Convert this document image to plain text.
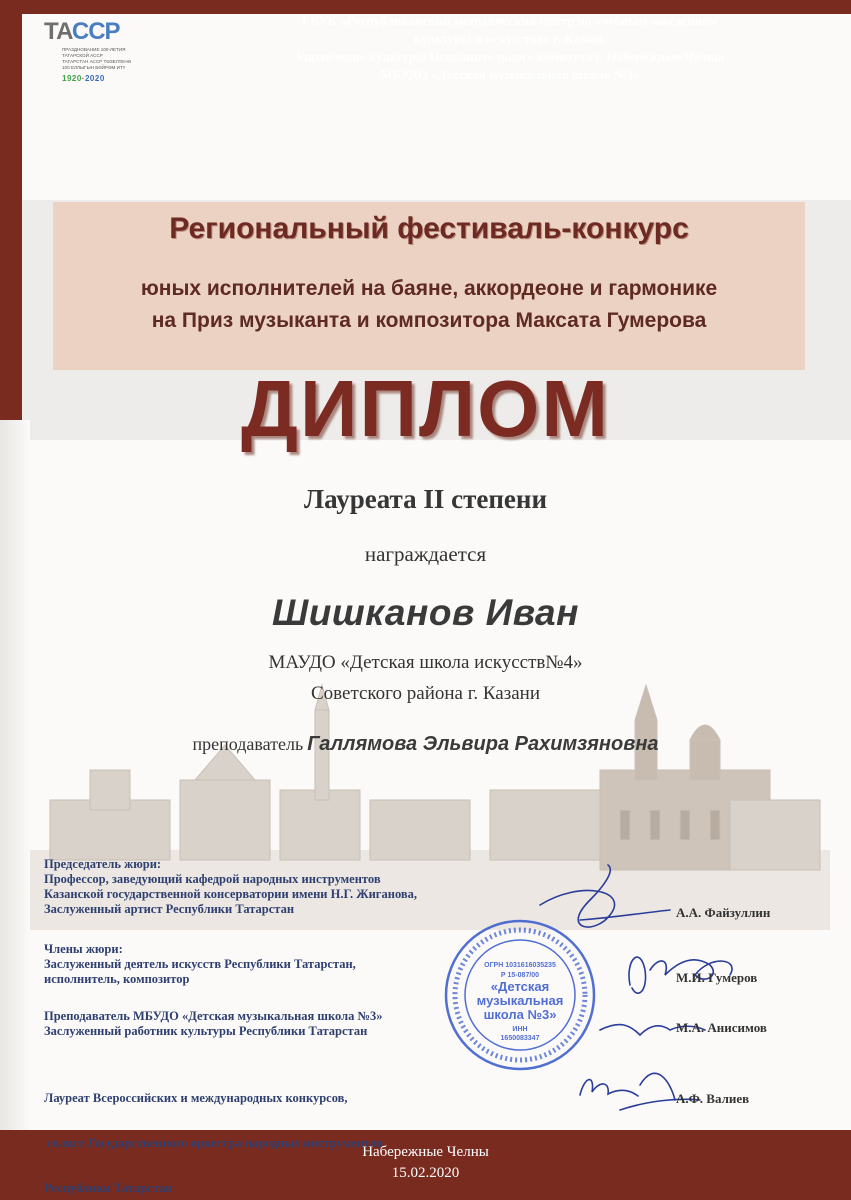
ТАССР
ПРАЗДНОВАНИЕ 100-ЛЕТИЯ
ТАТАРСКОЙ АССР
ТАТАРСТАН АССР ТӨЗЕЛҮЕНӘ
100 ЕЛЛЫГЫН БӘЙРӘМ ИТҮ
1920·2020
ГБУК «Республиканский методический центр по учебным заведениям
культуры и искусства» г. Казань
Управление культуры Исполнительного комитета г. Набережные Челны
МБУДО «Детская музыкальная школа №3»
Региональный фестиваль-конкурс
юных исполнителей на баяне, аккордеоне и гармонике
на Приз музыканта и композитора Максата Гумерова
ДИПЛОМ
Лауреата II степени
награждается
Шишканов Иван
МАУДО «Детская школа искусств№4»
Советского района г. Казани
преподаватель Галлямова Эльвира Рахимзяновна
Председатель жюри:
Профессор, заведующий кафедрой народных инструментов
Казанской государственной консерватории имени Н.Г. Жиганова,
Заслуженный артист Республики Татарстан
Члены жюри:
Заслуженный деятель искусств Республики Татарстан,
исполнитель, композитор
Преподаватель МБУДО «Детская музыкальная школа №3»
Заслуженный работник культуры Республики Татарстан

Лауреат Всероссийских и международных конкурсов,

солист Государственного оркестра народных инструментов

Республики Татарстан

ОГРН 1031616035235
Р 15-087/00
«Детская
музыкальная
школа №3»
ИНН
1650083347
А.А. Файзуллин
М.И. Гумеров
М.А. Анисимов
А.Ф. Валиев
Набережные Челны
15.02.2020
